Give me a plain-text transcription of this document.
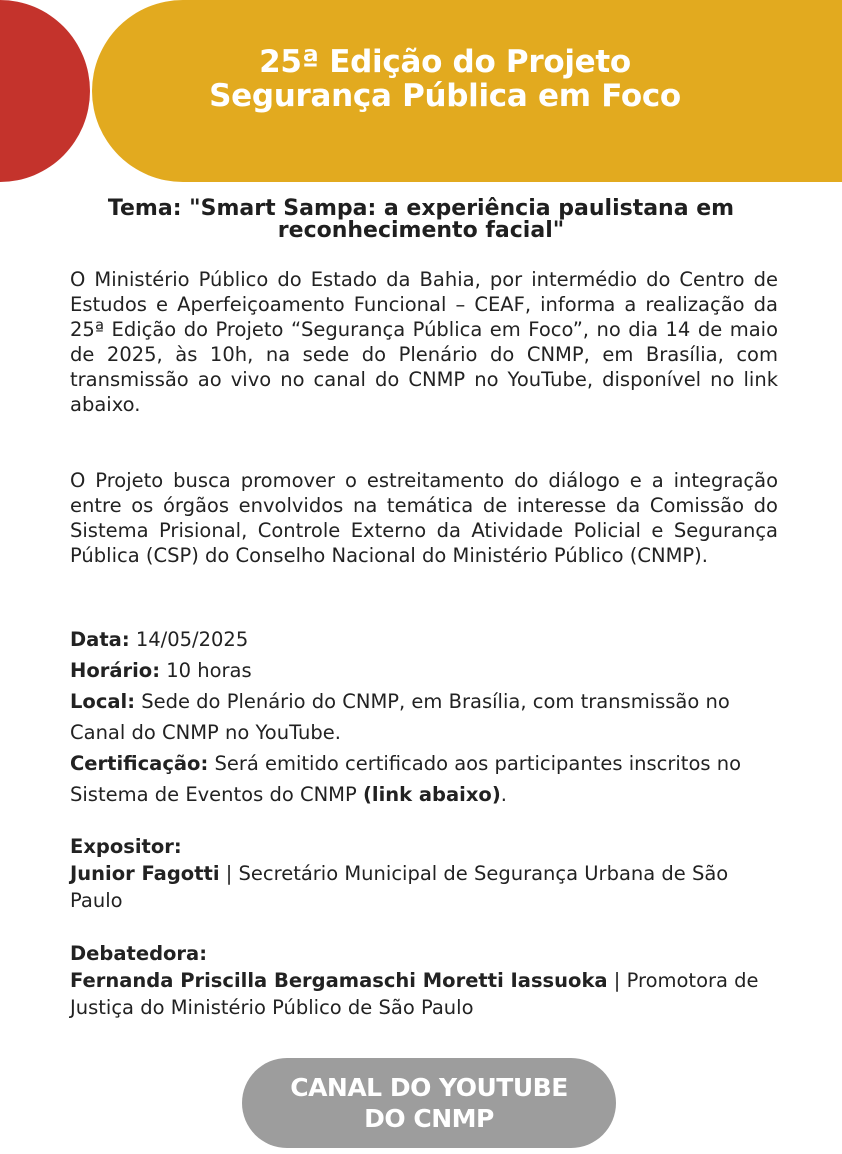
25ª Edição do Projeto
Segurança Pública em Foco
Tema: "Smart Sampa: a experiência paulistana em reconhecimento facial"
O Ministério Público do Estado da Bahia, por intermédio do Centro de Estudos e Aperfeiçoamento Funcional – CEAF, informa a realização da 25ª Edição do Projeto “Segurança Pública em Foco”, no dia 14 de maio de 2025, às 10h, na sede do Plenário do CNMP, em Brasília, com transmissão ao vivo no canal do CNMP no YouTube, disponível no link abaixo.
O Projeto busca promover o estreitamento do diálogo e a integração entre os órgãos envolvidos na temática de interesse da Comissão do Sistema Prisional, Controle Externo da Atividade Policial e Segurança Pública (CSP) do Conselho Nacional do Ministério Público (CNMP).
Data: 14/05/2025
Horário: 10 horas
Local: Sede do Plenário do CNMP, em Brasília, com transmissão no Canal do CNMP no YouTube.
Certificação: Será emitido certificado aos participantes inscritos no Sistema de Eventos do CNMP (link abaixo).
Expositor:
Junior Fagotti | Secretário Municipal de Segurança Urbana de São Paulo
Debatedora:
Fernanda Priscilla Bergamaschi Moretti Iassuoka | Promotora de Justiça do Ministério Público de São Paulo
CANAL DO YOUTUBE
DO CNMP
